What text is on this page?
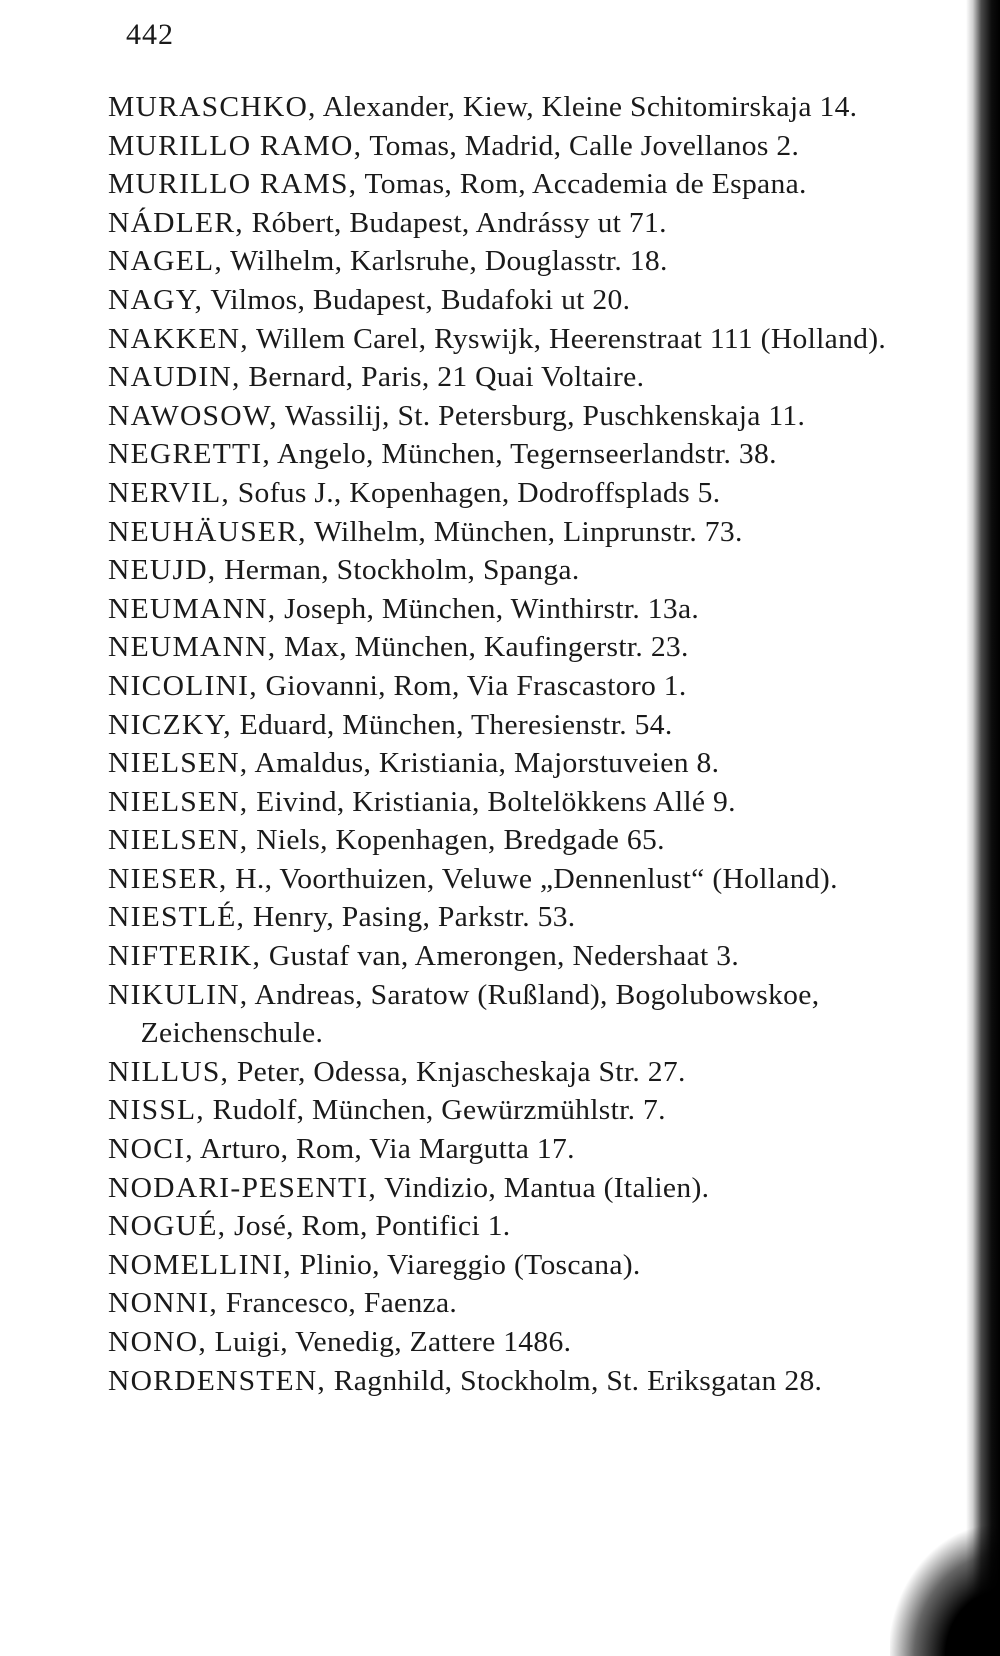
442
MURASCHKO, Alexander, Kiew, Kleine Schitomirskaja 14.
MURILLO RAMO, Tomas, Madrid, Calle Jovellanos 2.
MURILLO RAMS, Tomas, Rom, Accademia de Espana.
NÁDLER, Róbert, Budapest, Andrássy ut 71.
NAGEL, Wilhelm, Karlsruhe, Douglasstr. 18.
NAGY, Vilmos, Budapest, Budafoki ut 20.
NAKKEN, Willem Carel, Ryswijk, Heerenstraat 111 (Holland).
NAUDIN, Bernard, Paris, 21 Quai Voltaire.
NAWOSOW, Wassilij, St. Petersburg, Puschkenskaja 11.
NEGRETTI, Angelo, München, Tegernseerlandstr. 38.
NERVIL, Sofus J., Kopenhagen, Dodroffsplads 5.
NEUHÄUSER, Wilhelm, München, Linprunstr. 73.
NEUJD, Herman, Stockholm, Spanga.
NEUMANN, Joseph, München, Winthirstr. 13a.
NEUMANN, Max, München, Kaufingerstr. 23.
NICOLINI, Giovanni, Rom, Via Frascastoro 1.
NICZKY, Eduard, München, Theresienstr. 54.
NIELSEN, Amaldus, Kristiania, Majorstuveien 8.
NIELSEN, Eivind, Kristiania, Boltelökkens Allé 9.
NIELSEN, Niels, Kopenhagen, Bredgade 65.
NIESER, H., Voorthuizen, Veluwe „Dennenlust“ (Holland).
NIESTLÉ, Henry, Pasing, Parkstr. 53.
NIFTERIK, Gustaf van, Amerongen, Nedershaat 3.
NIKULIN, Andreas, Saratow (Rußland), Bogolubowskoe, Zeichenschule.
NILLUS, Peter, Odessa, Knjascheskaja Str. 27.
NISSL, Rudolf, München, Gewürzmühlstr. 7.
NOCI, Arturo, Rom, Via Margutta 17.
NODARI-PESENTI, Vindizio, Mantua (Italien).
NOGUÉ, José, Rom, Pontifici 1.
NOMELLINI, Plinio, Viareggio (Toscana).
NONNI, Francesco, Faenza.
NONO, Luigi, Venedig, Zattere 1486.
NORDENSTEN, Ragnhild, Stockholm, St. Eriksgatan 28.
